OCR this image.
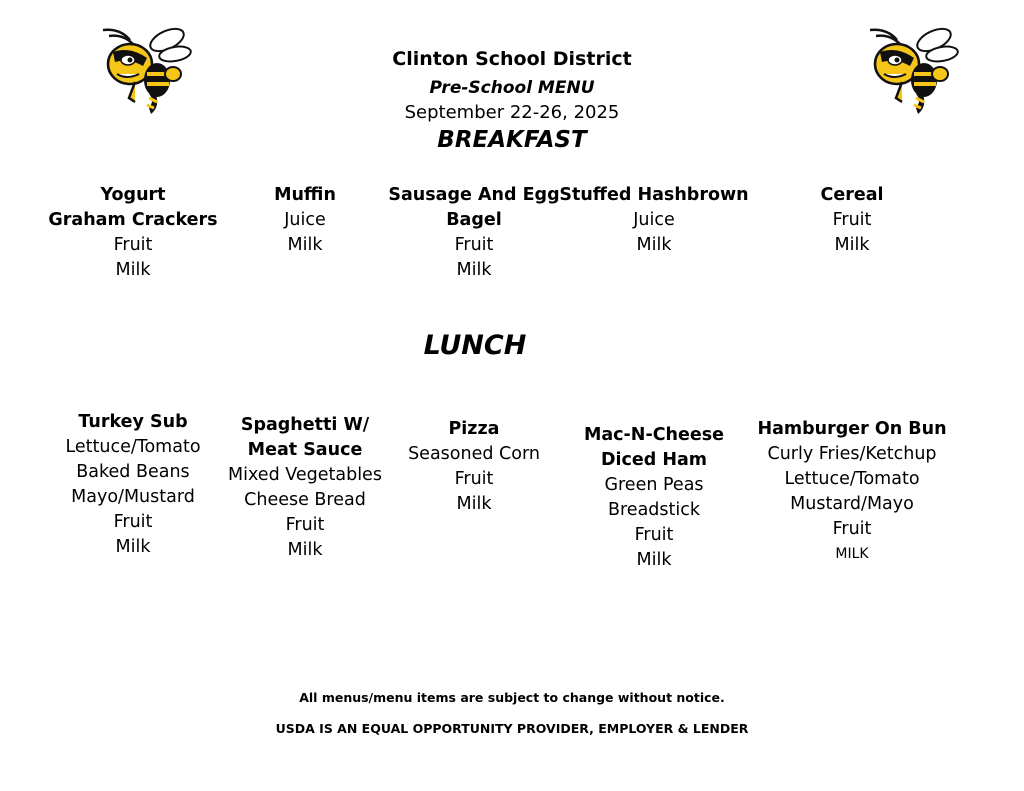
Clinton School District
Pre-School MENU
September 22-26, 2025
BREAKFAST
Yogurt
Graham Crackers
Fruit
Milk
Muffin
Juice
Milk
Sausage And Egg
Bagel
Fruit
Milk
Stuffed Hashbrown
Juice
Milk
Cereal
Fruit
Milk
LUNCH
Turkey Sub
Lettuce/Tomato
Baked Beans
Mayo/Mustard
Fruit
Milk
Spaghetti W/
Meat Sauce
Mixed Vegetables
Cheese Bread
Fruit
Milk
Pizza
Seasoned Corn
Fruit
Milk
Mac-N-Cheese
Diced Ham
Green Peas
Breadstick
Fruit
Milk
Hamburger On Bun
Curly Fries/Ketchup
Lettuce/Tomato
Mustard/Mayo
Fruit
MILK
All menus/menu items are subject to change without notice.
USDA IS AN EQUAL OPPORTUNITY PROVIDER, EMPLOYER & LENDER
